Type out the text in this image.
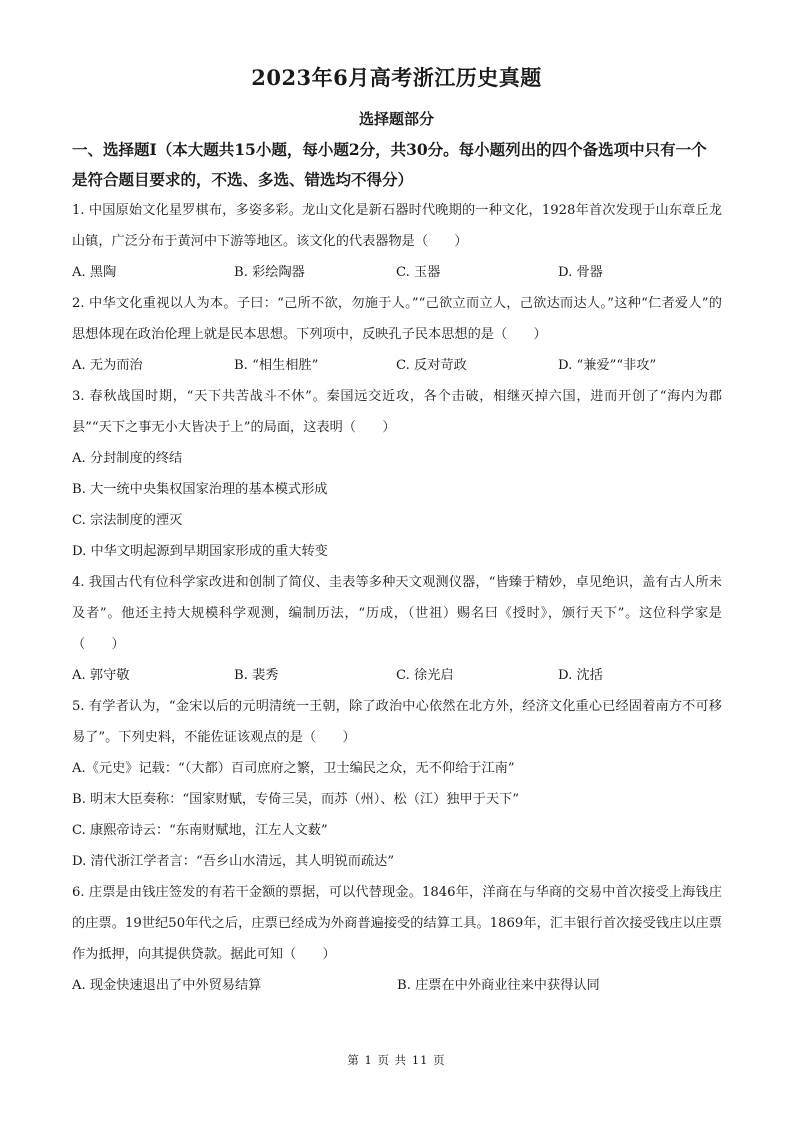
2023年6月高考浙江历史真题
选择题部分
一、选择题Ⅰ（本大题共15小题，每小题2分，共30分。每小题列出的四个备选项中只有一个是符合题目要求的，不选、多选、错选均不得分）
1. 中国原始文化星罗棋布，多姿多彩。龙山文化是新石器时代晚期的一种文化，1928年首次发现于山东章丘龙山镇，广泛分布于黄河中下游等地区。该文化的代表器物是（　　）
A. 黑陶	B. 彩绘陶器	C. 玉器	D. 骨器
2. 中华文化重视以人为本。子曰：“己所不欲，勿施于人。”“己欲立而立人，己欲达而达人。”这种“仁者爱人”的思想体现在政治伦理上就是民本思想。下列项中，反映孔子民本思想的是（　　）
A. 无为而治	B. “相生相胜”	C. 反对苛政	D. “兼爱”“非攻”
3. 春秋战国时期，“天下共苦战斗不休”。秦国远交近攻，各个击破，相继灭掉六国，进而开创了“海内为郡县”“天下之事无小大皆决于上”的局面，这表明（　　）
A. 分封制度的终结
B. 大一统中央集权国家治理的基本模式形成
C. 宗法制度的湮灭
D. 中华文明起源到早期国家形成的重大转变
4. 我国古代有位科学家改进和创制了简仪、圭表等多种天文观测仪器，“皆臻于精妙，卓见绝识，盖有古人所未及者”。他还主持大规模科学观测，编制历法，“历成，（世祖）赐名曰《授时》，颁行天下”。这位科学家是（　　）
A. 郭守敬	B. 裴秀	C. 徐光启	D. 沈括
5. 有学者认为，“金宋以后的元明清统一王朝，除了政治中心依然在北方外，经济文化重心已经固着南方不可移易了”。下列史料，不能佐证该观点的是（　　）
A.《元史》记载：“（大都）百司庶府之繁，卫士编民之众，无不仰给于江南”
B. 明末大臣奏称：“国家财赋，专倚三吴，而苏（州）、松（江）独甲于天下”
C. 康熙帝诗云：“东南财赋地，江左人文薮”
D. 清代浙江学者言：“吾乡山水清远，其人明锐而疏达”
6. 庄票是由钱庄签发的有若干金额的票据，可以代替现金。1846年，洋商在与华商的交易中首次接受上海钱庄的庄票。19世纪50年代之后，庄票已经成为外商普遍接受的结算工具。1869年，汇丰银行首次接受钱庄以庄票作为抵押，向其提供贷款。据此可知（　　）
A. 现金快速退出了中外贸易结算	B. 庄票在中外商业往来中获得认同
第 1 页 共 11 页
